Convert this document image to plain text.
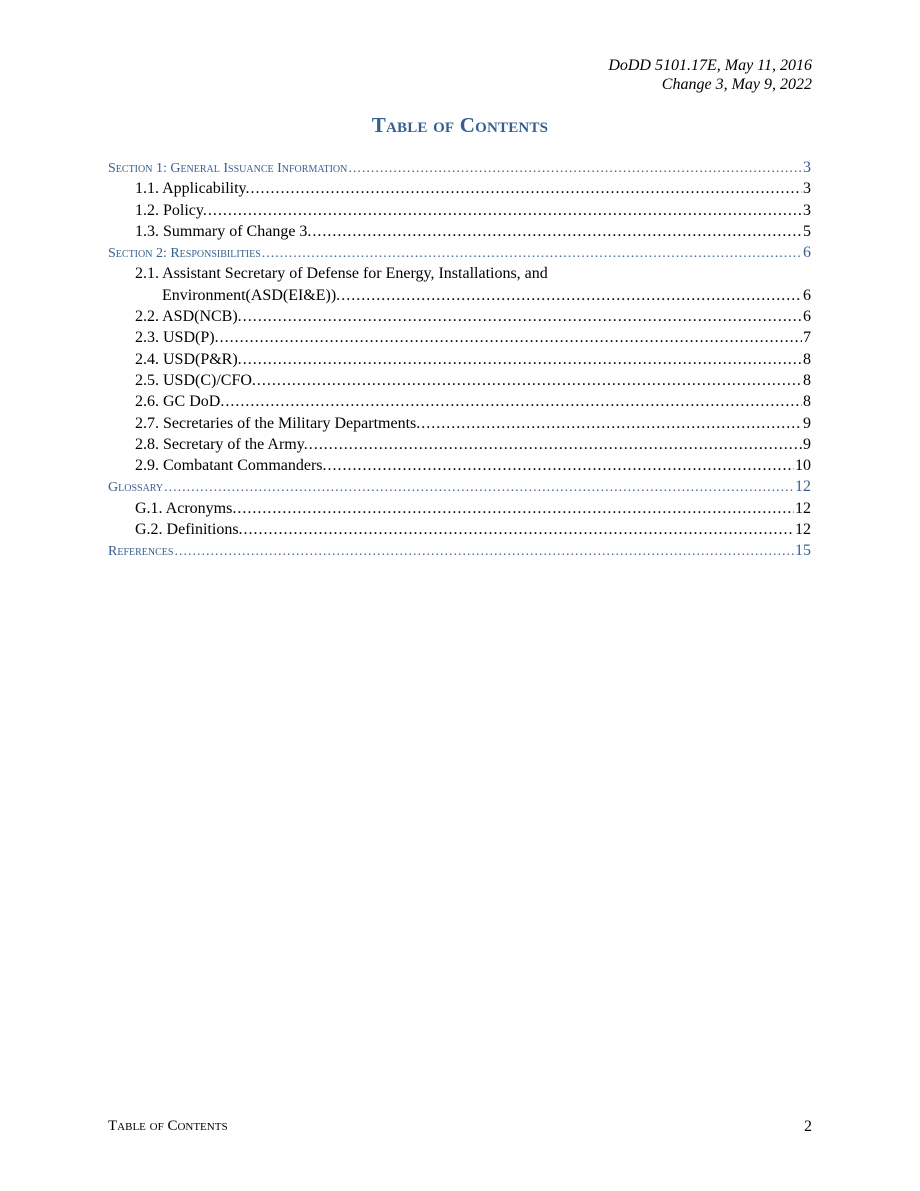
DoDD 5101.17E, May 11, 2016
Change 3, May 9, 2022
Table of Contents
Section 1: General Issuance Information .....	3
1.1. Applicability. .....	3
1.2. Policy. .....	3
1.3. Summary of Change 3. .....	5
Section 2: Responsibilities .....	6
2.1. Assistant Secretary of Defense for Energy, Installations, and
Environment(ASD(EI&E)). .....	6
2.2. ASD(NCB). .....	6
2.3. USD(P). .....	7
2.4. USD(P&R). .....	8
2.5. USD(C)/CFO. .....	8
2.6. GC DoD. .....	8
2.7. Secretaries of the Military Departments. .....	9
2.8. Secretary of the Army. .....	9
2.9. Combatant Commanders. .....	10
Glossary .....	12
G.1. Acronyms. .....	12
G.2. Definitions. .....	12
References .....	15
Table of Contents	2
